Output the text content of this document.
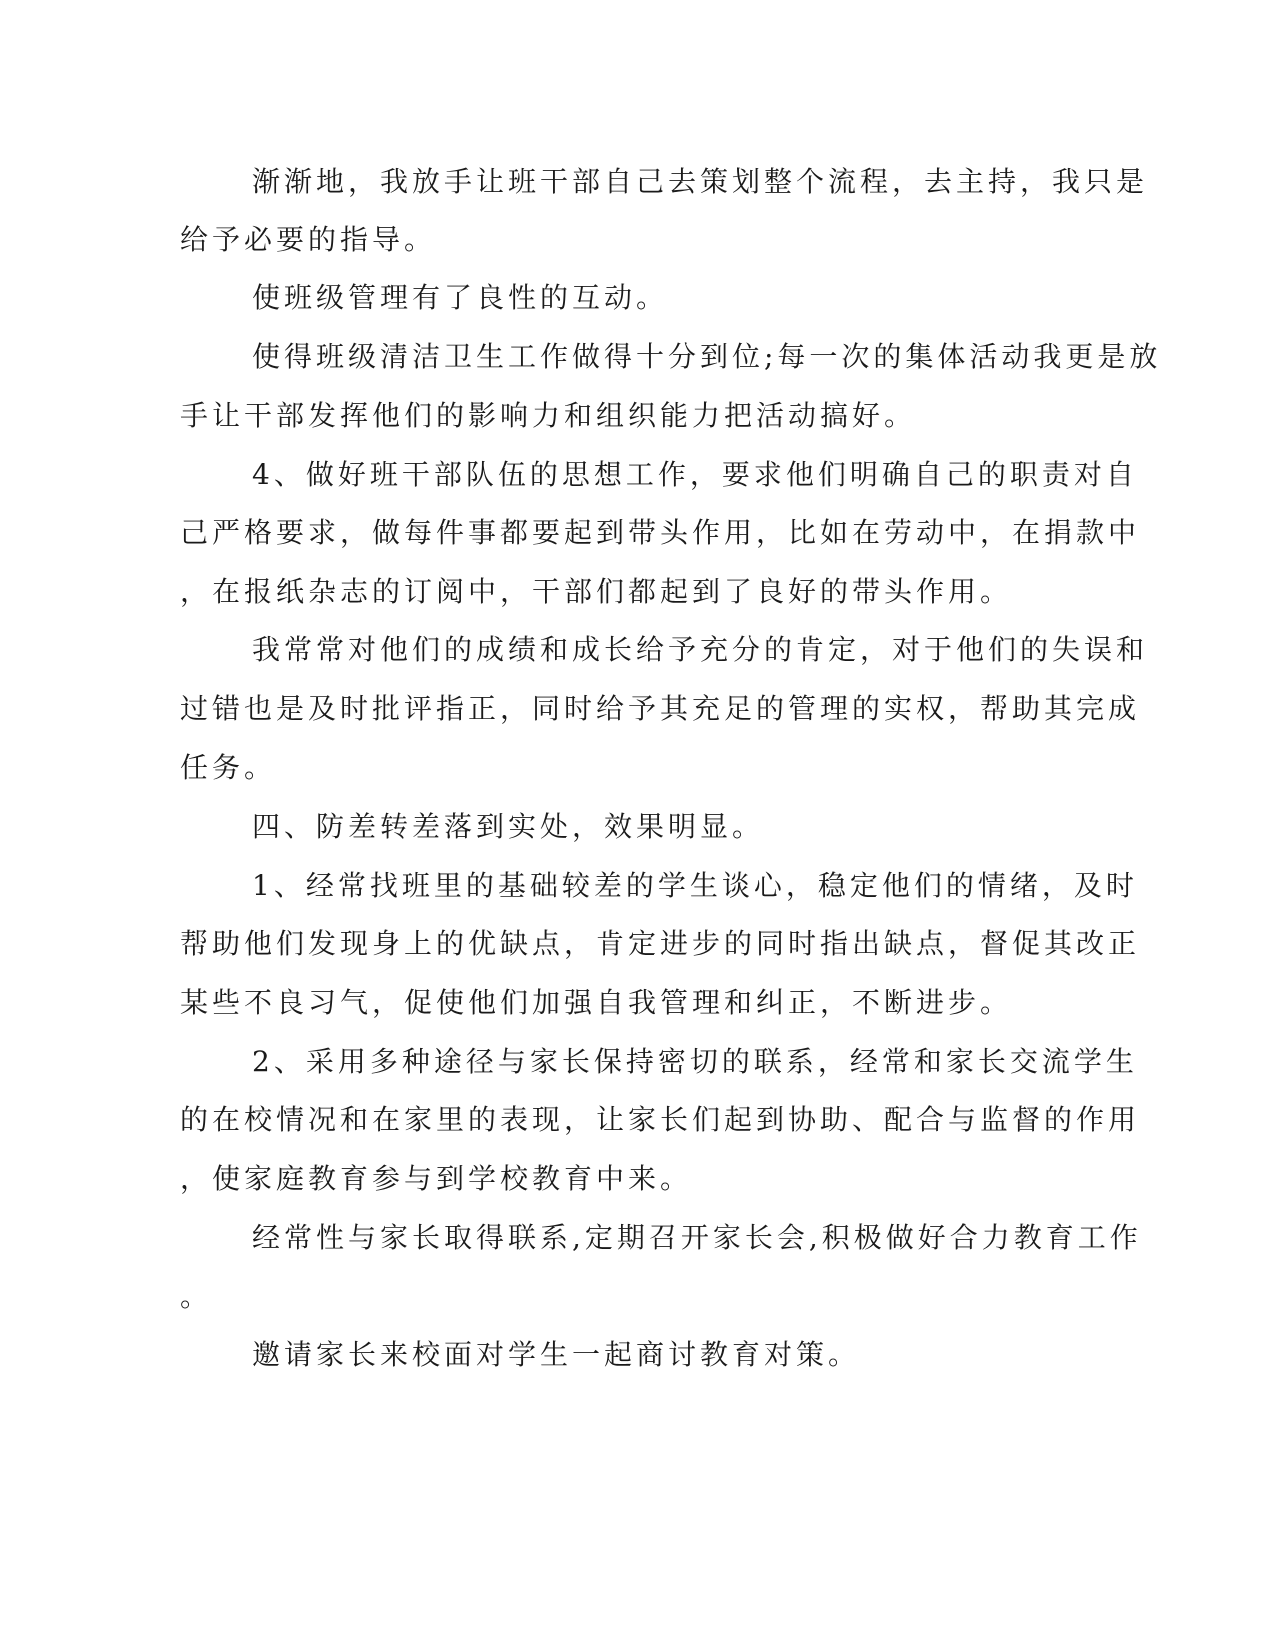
渐渐地，我放手让班干部自己去策划整个流程，去主持，我只是
给予必要的指导。
使班级管理有了良性的互动。
使得班级清洁卫生工作做得十分到位;每一次的集体活动我更是放
手让干部发挥他们的影响力和组织能力把活动搞好。
4、做好班干部队伍的思想工作，要求他们明确自己的职责对自
己严格要求，做每件事都要起到带头作用，比如在劳动中，在捐款中
，在报纸杂志的订阅中，干部们都起到了良好的带头作用。
我常常对他们的成绩和成长给予充分的肯定，对于他们的失误和
过错也是及时批评指正，同时给予其充足的管理的实权，帮助其完成
任务。
四、防差转差落到实处，效果明显。
1、经常找班里的基础较差的学生谈心，稳定他们的情绪，及时
帮助他们发现身上的优缺点，肯定进步的同时指出缺点，督促其改正
某些不良习气，促使他们加强自我管理和纠正，不断进步。
2、采用多种途径与家长保持密切的联系，经常和家长交流学生
的在校情况和在家里的表现，让家长们起到协助、配合与监督的作用
，使家庭教育参与到学校教育中来。
经常性与家长取得联系,定期召开家长会,积极做好合力教育工作
。
邀请家长来校面对学生一起商讨教育对策。
